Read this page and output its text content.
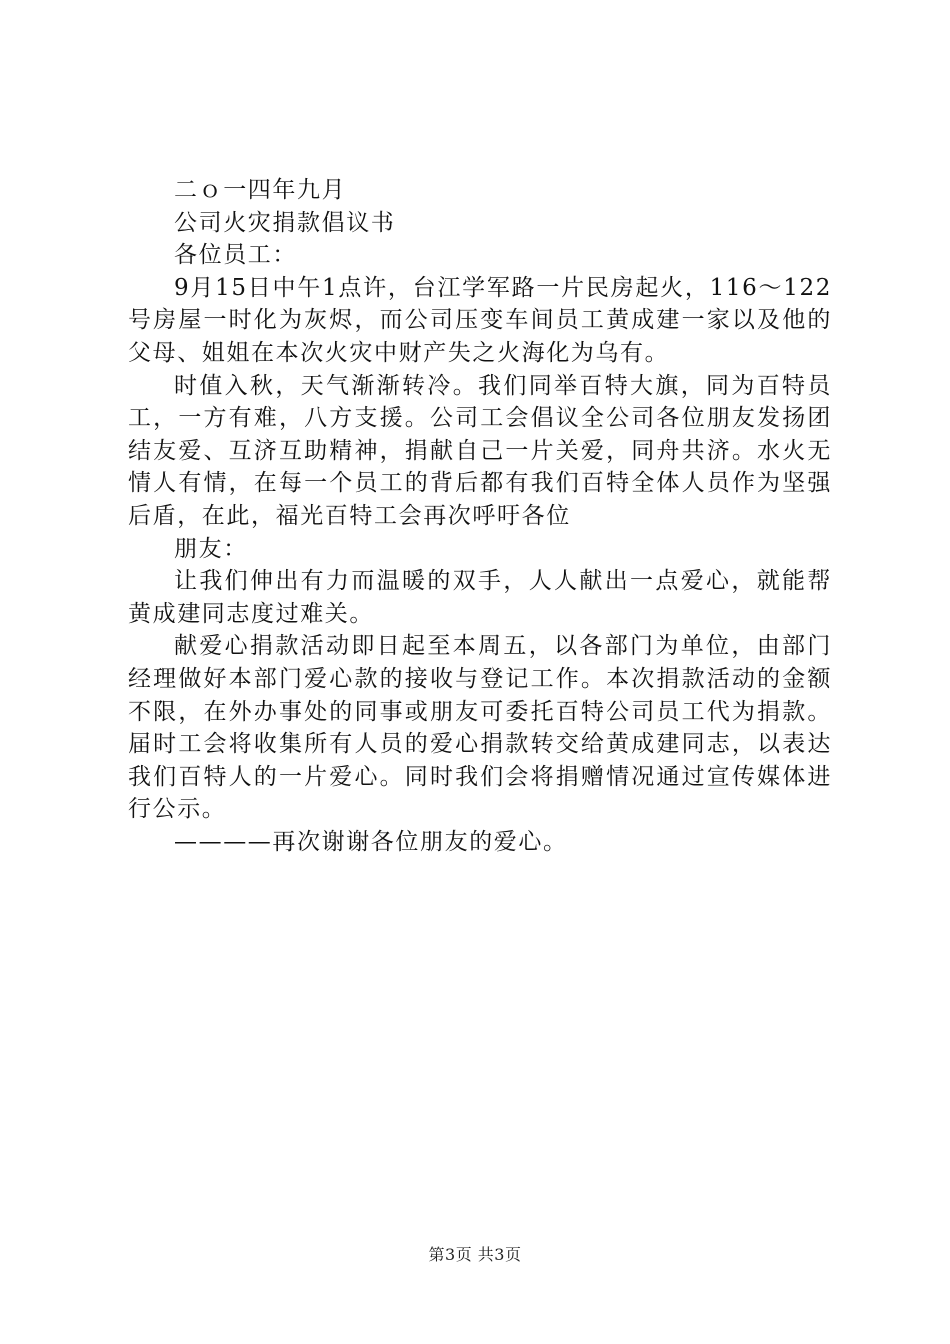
二ｏ一四年九月

公司火灾捐款倡议书

各位员工：

9月15日中午1点许，台江学军路一片民房起火，116～122号房屋一时化为灰烬，而公司压变车间员工黄成建一家以及他的父母、姐姐在本次火灾中财产失之火海化为乌有。

时值入秋，天气渐渐转冷。我们同举百特大旗，同为百特员工，一方有难，八方支援。公司工会倡议全公司各位朋友发扬团结友爱、互济互助精神，捐献自己一片关爱，同舟共济。水火无情人有情，在每一个员工的背后都有我们百特全体人员作为坚强后盾，在此，福光百特工会再次呼吁各位

朋友：

让我们伸出有力而温暖的双手，人人献出一点爱心，就能帮黄成建同志度过难关。

献爱心捐款活动即日起至本周五，以各部门为单位，由部门经理做好本部门爱心款的接收与登记工作。本次捐款活动的金额不限，在外办事处的同事或朋友可委托百特公司员工代为捐款。届时工会将收集所有人员的爱心捐款转交给黄成建同志，以表达我们百特人的一片爱心。同时我们会将捐赠情况通过宣传媒体进行公示。

————再次谢谢各位朋友的爱心。

第3页 共3页
